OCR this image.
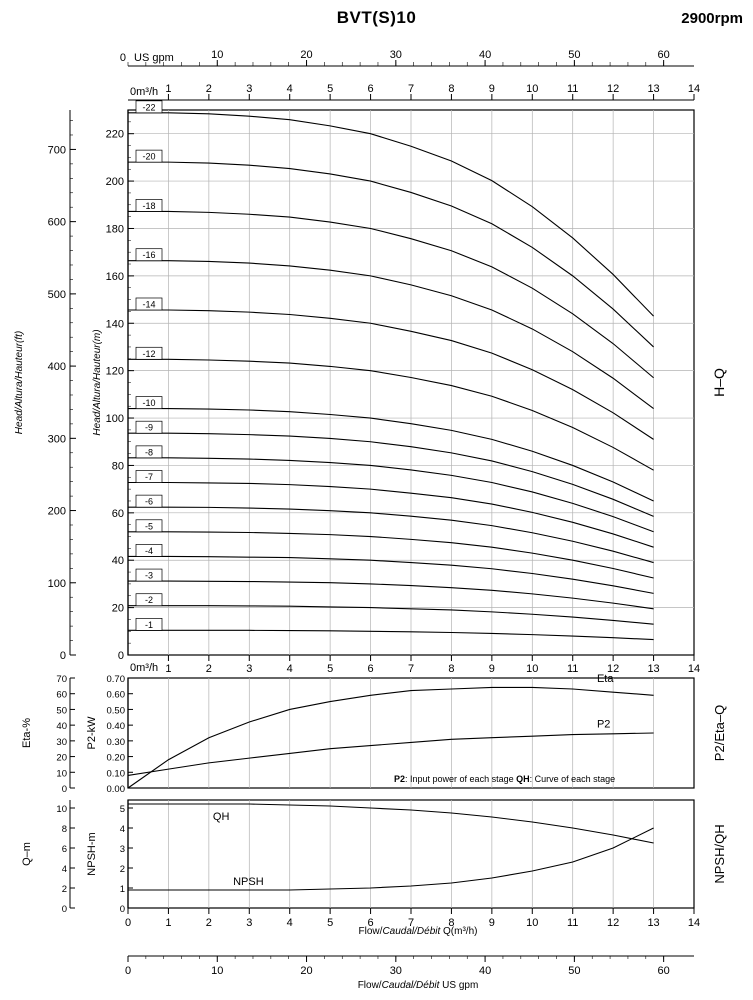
BVT(S)10	2900rpm
0 US gpm	10	20	30	40	50	60
0m³/h 1	2	3	4	5	6	7	8	9	10	11	12	13	14
0
100
200
300
400
500
600
700
Head/Altura/Hauteur(ft)
0
20
40
60
80
100
120
140
160
180
200
220
Head/Altura/Hauteur(m)
0m³/h 1	2	3	4	5	6	7	8	9	10	11	12	13	14
-1
-2
-3
-4
-5
-6
-7
-8
-9
-10
-12
-14
-16
-18
-20
-22
H–Q
0
10
20
30
40
50
60
70
Eta-%
0.00
0.10
0.20
0.30
0.40
0.50
0.60
0.70
P2-kW
Eta
P2
P2: Input power of each stage QH: Curve of each stage
P2/Eta–Q
0
2
4
6
8
10
Q–m
0
1
2
3
4
5
NPSH-m
QH
NPSH	NPSH/QH
0	1	2	3	4	5	6	7	8	9	10	11	12	13	14
Flow/Caudal/Débit Q(m³/h)
0	10	20	30	40	50	60
Flow/Caudal/Débit US gpm
